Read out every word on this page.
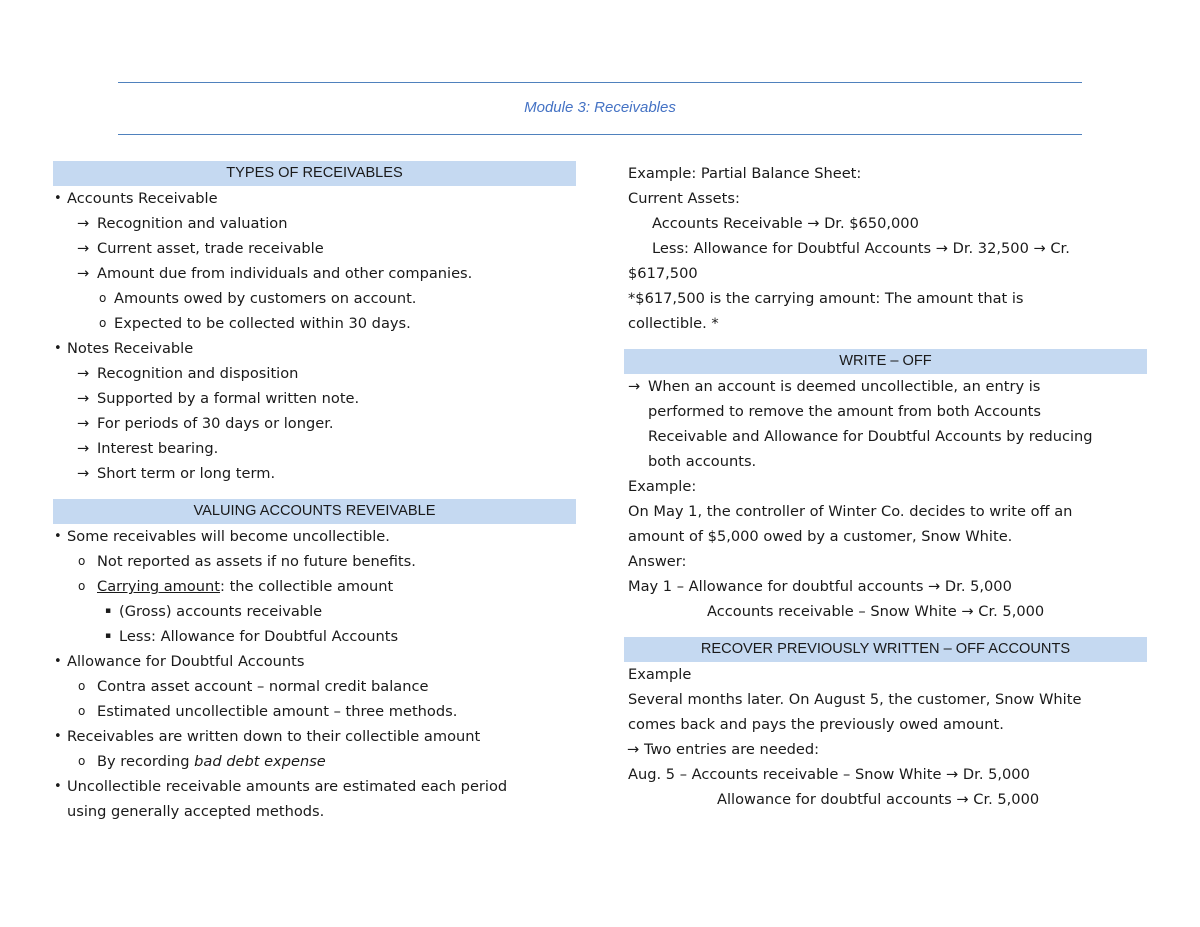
Module 3: Receivables
TYPES OF RECEIVABLES
• Accounts Receivable
→ Recognition and valuation
→ Current asset, trade receivable
→ Amount due from individuals and other companies.
o Amounts owed by customers on account.
o Expected to be collected within 30 days.
• Notes Receivable
→ Recognition and disposition
→ Supported by a formal written note.
→ For periods of 30 days or longer.
→ Interest bearing.
→ Short term or long term.
VALUING ACCOUNTS REVEIVABLE
• Some receivables will become uncollectible.
o Not reported as assets if no future benefits.
o Carrying amount: the collectible amount
▪ (Gross) accounts receivable
▪ Less: Allowance for Doubtful Accounts
• Allowance for Doubtful Accounts
o Contra asset account – normal credit balance
o Estimated uncollectible amount – three methods.
• Receivables are written down to their collectible amount
o By recording bad debt expense
• Uncollectible receivable amounts are estimated each period
using generally accepted methods.
Example: Partial Balance Sheet:
Current Assets:
Accounts Receivable → Dr. $650,000
Less: Allowance for Doubtful Accounts → Dr. 32,500 → Cr.
$617,500
*$617,500 is the carrying amount: The amount that is
collectible. *
WRITE – OFF
→ When an account is deemed uncollectible, an entry is
performed to remove the amount from both Accounts
Receivable and Allowance for Doubtful Accounts by reducing
both accounts.
Example:
On May 1, the controller of Winter Co. decides to write off an
amount of $5,000 owed by a customer, Snow White.
Answer:
May 1 – Allowance for doubtful accounts → Dr. 5,000
Accounts receivable – Snow White → Cr. 5,000
RECOVER PREVIOUSLY WRITTEN – OFF ACCOUNTS
Example
Several months later. On August 5, the customer, Snow White
comes back and pays the previously owed amount.
→ Two entries are needed:
Aug. 5 – Accounts receivable – Snow White → Dr. 5,000
Allowance for doubtful accounts → Cr. 5,000
